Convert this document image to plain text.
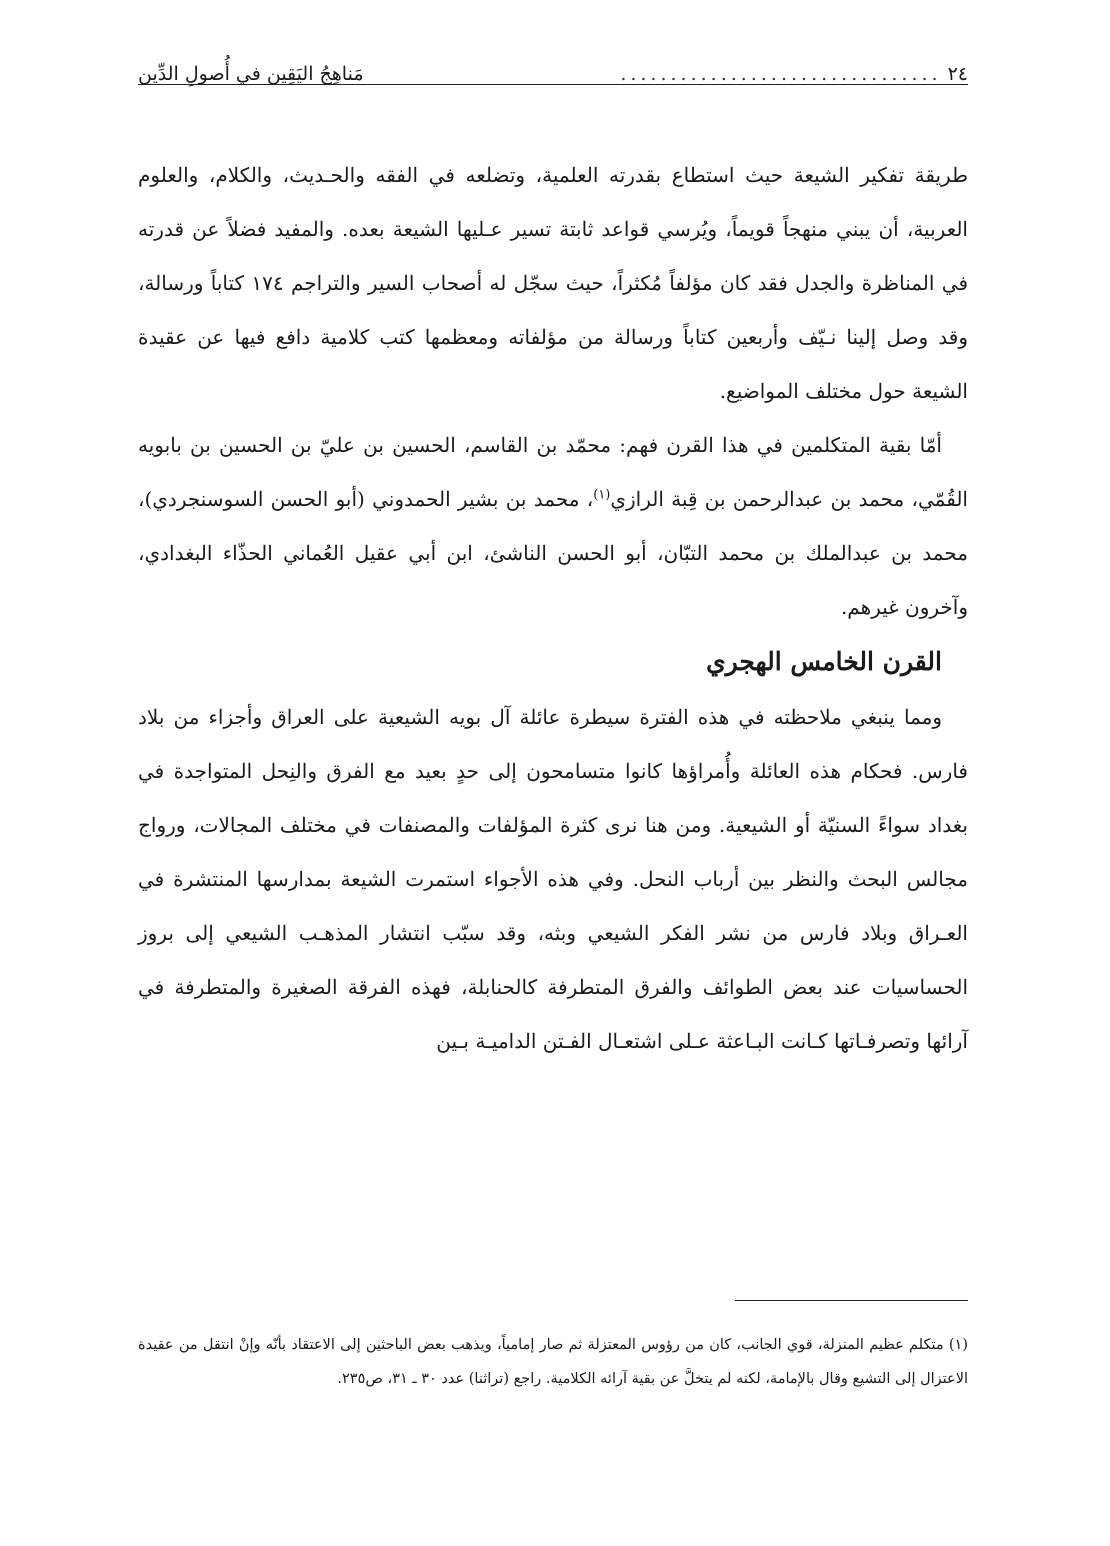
٢٤
................................
مَناهِجُ اليَقِين في أُصولِ الدِّين

طريقة تفكير الشيعة حيث استطاع بقدرته العلمية، وتضلعه في الفقه والحـديث، والكلام، والعلوم العربية، أن يبني منهجاً قويماً، ويُرسي قواعد ثابتة تسير عـليها الشيعة بعده. والمفيد فضلاً عن قدرته في المناظرة والجدل فقد كان مؤلفاً مُكثراً، حيث سجّل له أصحاب السير والتراجم ١٧٤ كتاباً ورسالة، وقد وصل إلينا نـيّف وأربعين كتاباً ورسالة من مؤلفاته ومعظمها كتب كلامية دافع فيها عن عقيدة الشيعة حول مختلف المواضيع.

أمّا بقية المتكلمين في هذا القرن فهم: محمّد بن القاسم، الحسين بن عليّ بن الحسين بن بابويه القُمّي، محمد بن عبدالرحمن بن قِبة الرازي$^{(١)}$، محمد بن بشير الحمدوني (أبو الحسن السوسنجردي)، محمد بن عبدالملك بن محمد التبّان، أبو الحسن الناشئ، ابن أبي عقيل العُماني الحذّاء البغدادي، وآخرون غيرهم.

القرن الخامس الهجري

ومما ينبغي ملاحظته في هذه الفترة سيطرة عائلة آل بويه الشيعية على العراق وأجزاء من بلاد فارس. فحكام هذه العائلة وأُمراؤها كانوا متسامحون إلى حدٍ بعيد مع الفرق والنِحل المتواجدة في بغداد سواءً السنيّة أو الشيعية. ومن هنا نرى كثرة المؤلفات والمصنفات في مختلف المجالات، ورواج مجالس البحث والنظر بين أرباب النحل. وفي هذه الأجواء استمرت الشيعة بمدارسها المنتشرة في العـراق وبلاد فارس من نشر الفكر الشيعي وبثه، وقد سبّب انتشار المذهـب الشيعي إلى بروز الحساسيات عند بعض الطوائف والفرق المتطرفة كالحنابلة، فهذه الفرقة الصغيرة والمتطرفة في آرائها وتصرفـاتها كـانت البـاعثة عـلى اشتعـال الفـتن الداميـة بـين

(١) متكلم عظيم المنزلة، قوي الجانب، كان من رؤوس المعتزلة ثم صار إمامياً، ويذهب بعض الباحثين إلى الاعتقاد بأنّه وإنْ انتقل من عقيدة الاعتزال إلى التشيع وقال بالإمامة، لكنه لم يتخلَّ عن بقية آرائه الكلامية. راجع (تراثنا) عدد ٣٠ ـ ٣١، ص٢٣٥.
